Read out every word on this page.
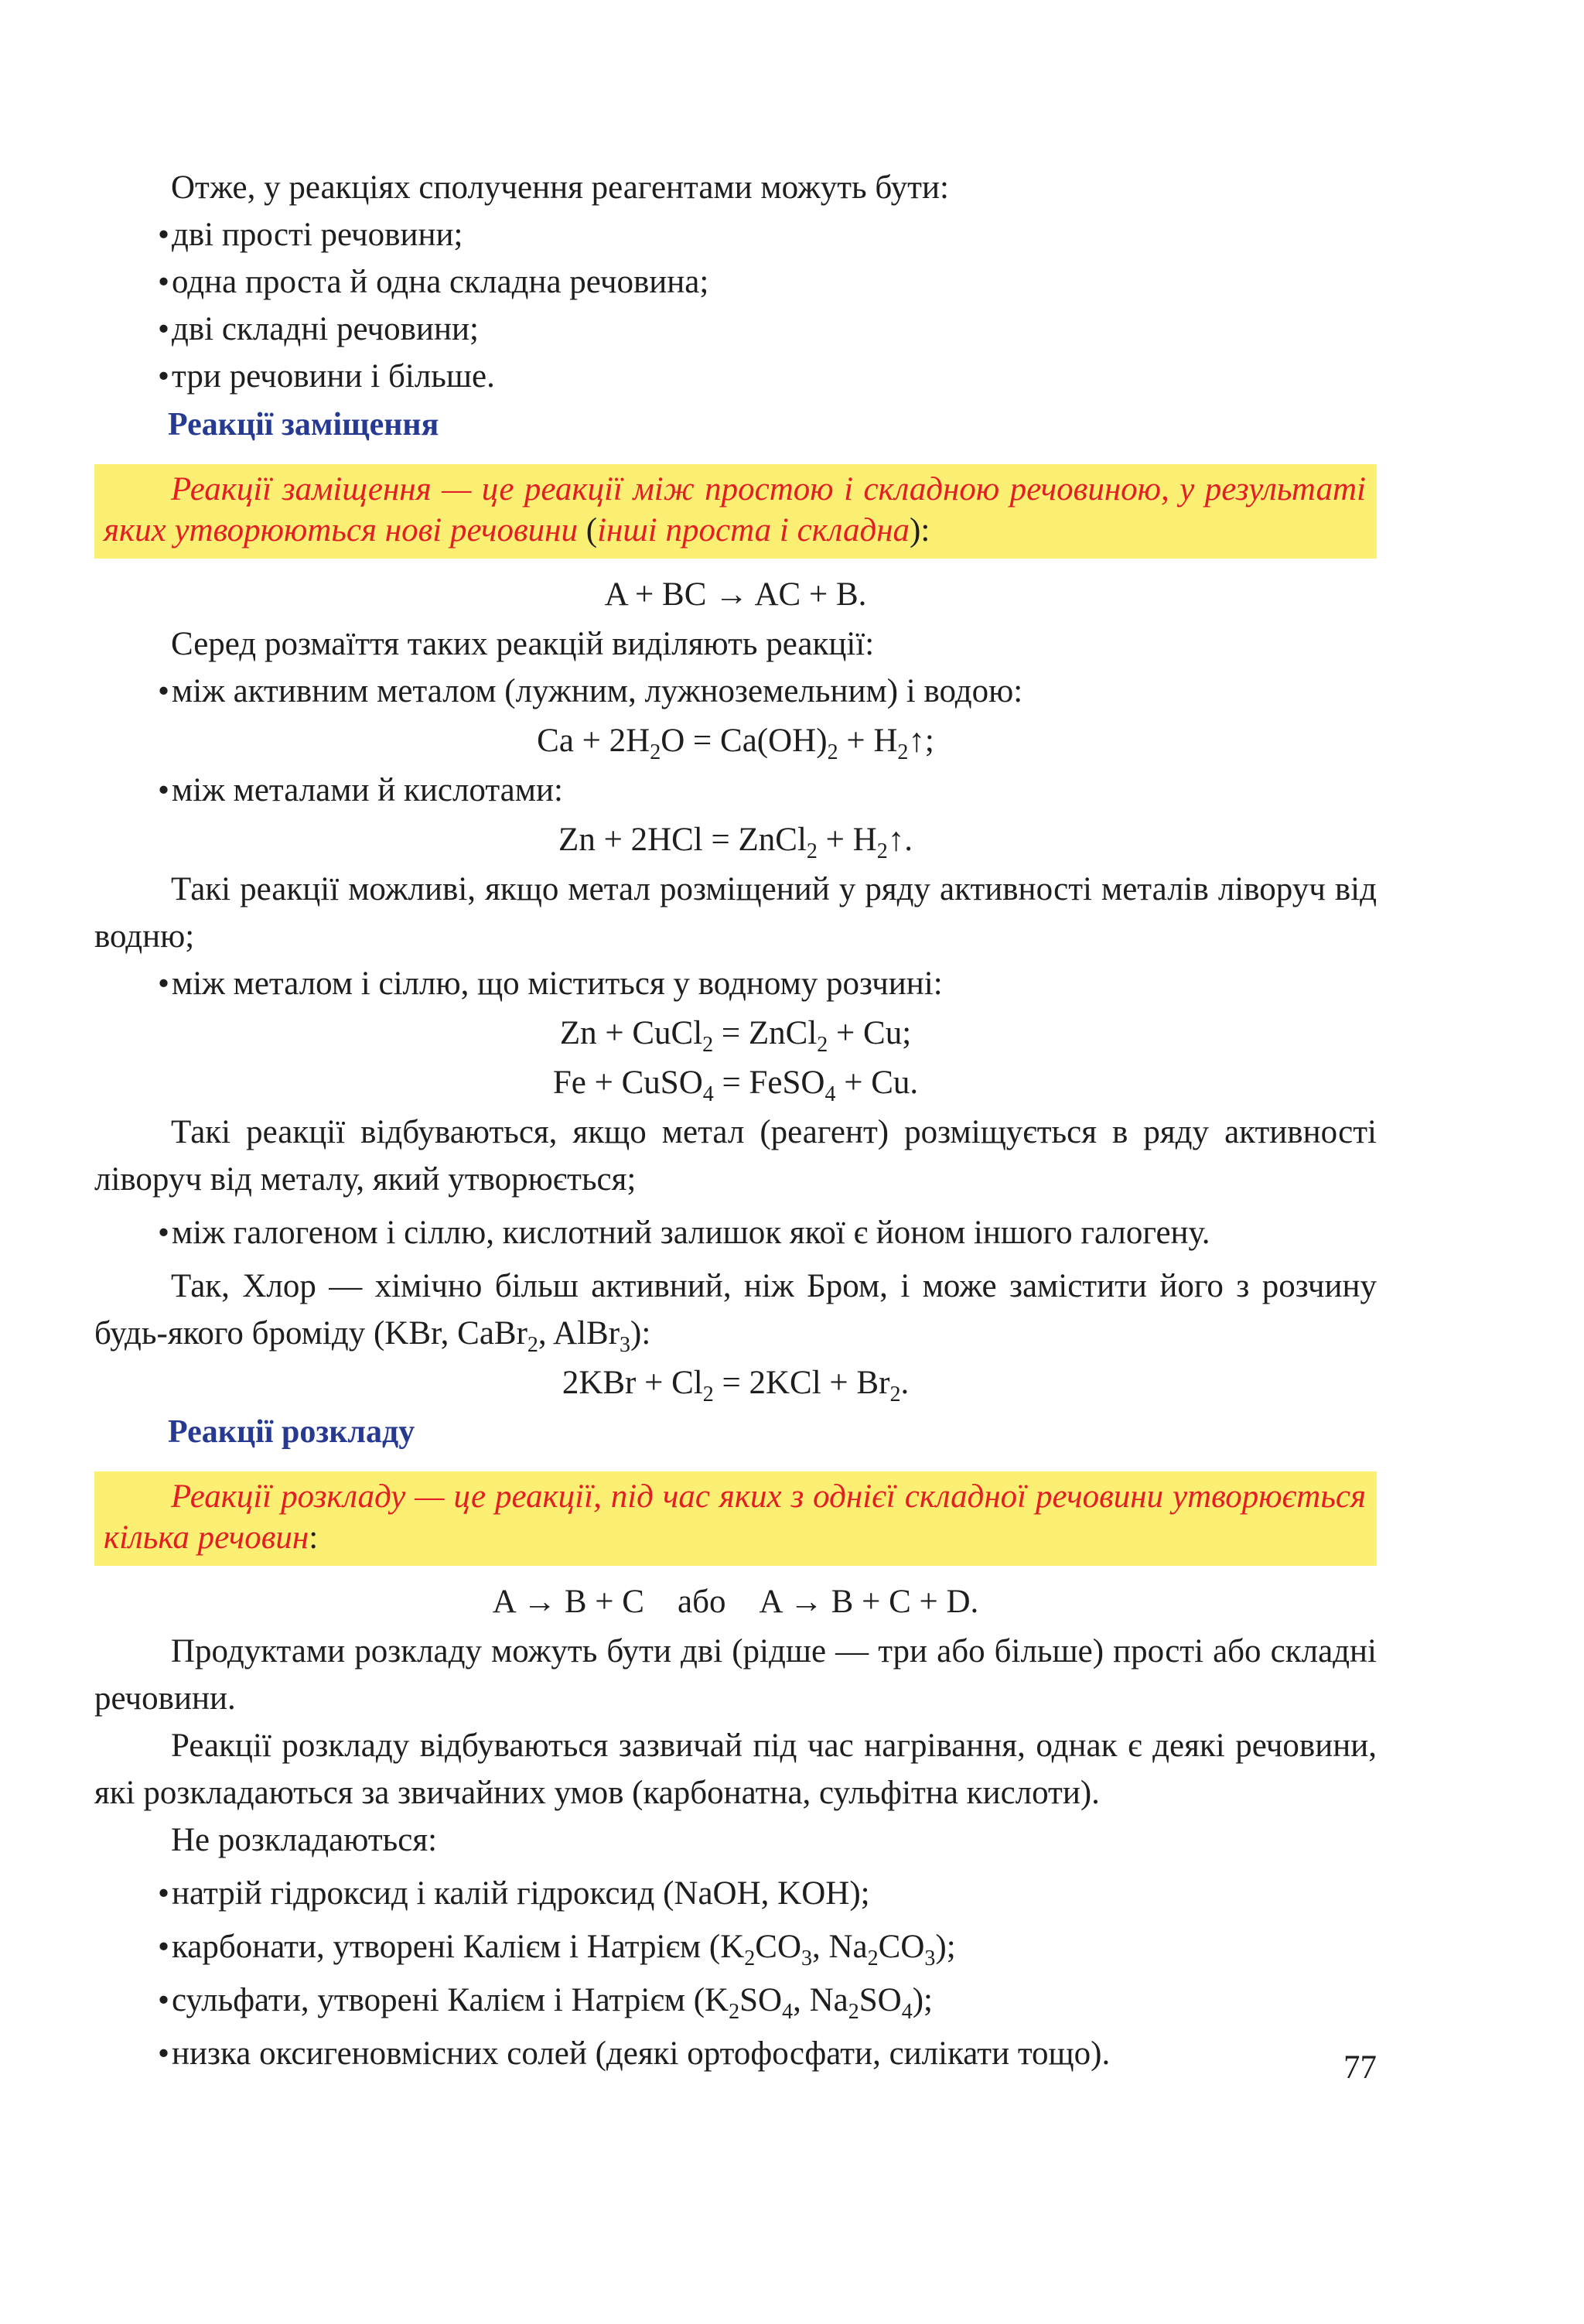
Отже, у реакціях сполучення реагентами можуть бути:

• дві прості речовини;

• одна проста й одна складна речовина;

• дві складні речовини;

• три речовини і більше.

Реакції заміщення
Реакції заміщення — це реакції між простою і складною речовиною, у результаті яких утворюються нові речовини (інші проста і складна):

A + BC → AC + B.

Серед розмаїття таких реакцій виділяють реакції:

• між активним металом (лужним, лужноземельним) і водою:

$Ca + 2H_2O = Ca(OH)_2$ + $H_2↑$;

• між металами й кислотами:

Zn + 2HCl = ZnCl$_2$ + $H_2↑$.

Такі реакції можливі, якщо метал розміщений у ряду активності металів ліворуч від водню;

• між металом і сіллю, що міститься у водному розчині:

Zn + CuCl$_2$ = ZnCl$_2$ + Cu;

Fe + CuSO$_4$ = FeSO$_4$ + Cu.

Такі реакції відбуваються, якщо метал (реагент) розміщується в ряду активності ліворуч від металу, який утворюється;

• між галогеном і сіллю, кислотний залишок якої є йоном іншого галогену.

Так, Хлор — хімічно більш активний, ніж Бром, і може замістити його з розчину будь-якого броміду (KBr, CaBr$_2$, AlBr$_3$):

$2KBr + Cl_2 = 2KCl + Br_2$.

Реакції розкладу
Реакції розкладу — це реакції, під час яких з однієї складної речовини утворюється кілька речовин:

A → B + C або A → B + C + D.

Продуктами розкладу можуть бути дві (рідше — три або більше) прості або складні речовини.

Реакції розкладу відбуваються зазвичай під час нагрівання, однак є деякі речовини, які розкладаються за звичайних умов (карбонатна, сульфітна кислоти).

Не розкладаються:

• натрій гідроксид і калій гідроксид (NaOH, KOH);

• карбонати, утворені Калієм і Натрієм ($K_2CO_3$, $Na_2CO_3$);

• сульфати, утворені Калієм і Натрієм ($K_2SO_4$, $Na_2SO_4$);

• низка оксигеновмісних солей (деякі ортофосфати, силікати тощо).	77
